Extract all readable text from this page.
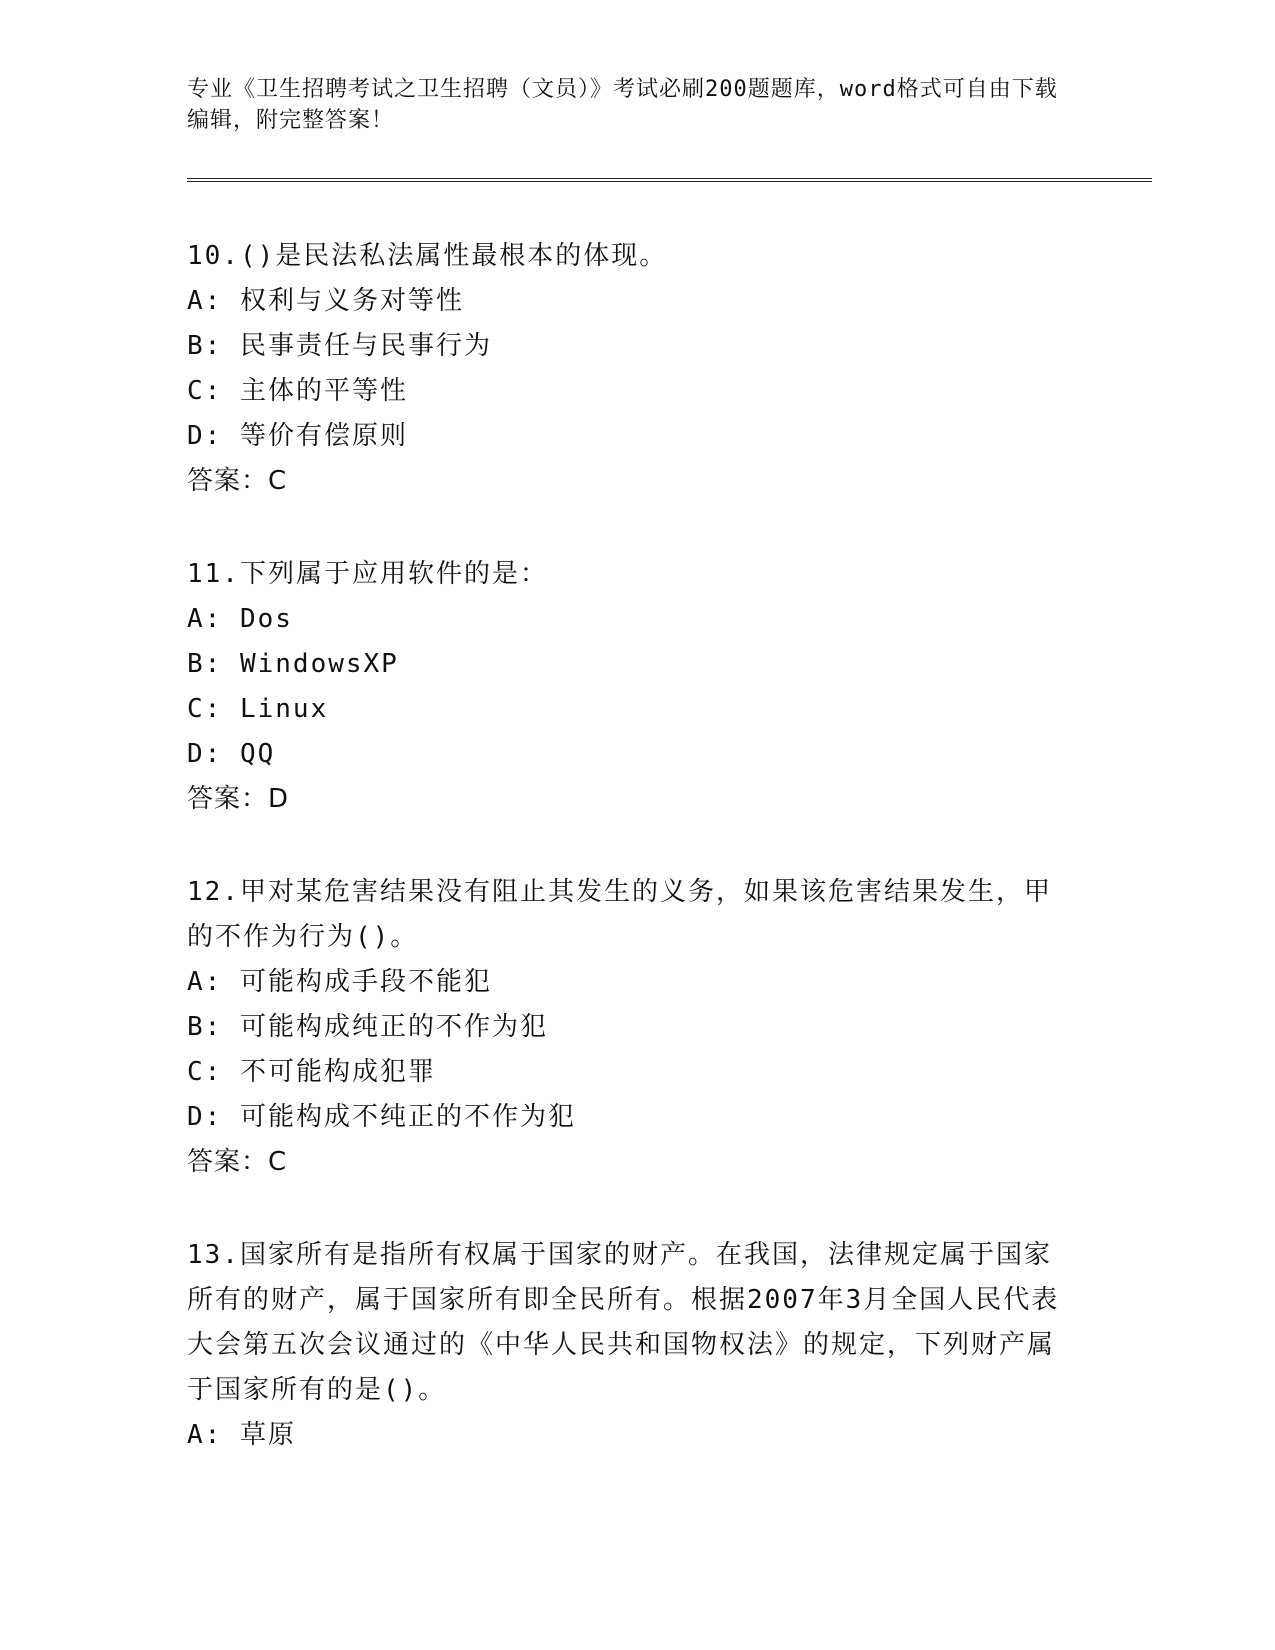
专业《卫生招聘考试之卫生招聘（文员）》考试必刷200题题库，word格式可自由下载编辑，附完整答案！

10.()是民法私法属性最根本的体现。

A: 权利与义务对等性

B: 民事责任与民事行为

C: 主体的平等性

D: 等价有偿原则

答案：C

11.下列属于应用软件的是：

A: Dos

B: WindowsXP

C: Linux

D: QQ

答案：D

12.甲对某危害结果没有阻止其发生的义务，如果该危害结果发生，甲的不作为行为()。

A: 可能构成手段不能犯

B: 可能构成纯正的不作为犯

C: 不可能构成犯罪

D: 可能构成不纯正的不作为犯

答案：C

13.国家所有是指所有权属于国家的财产。在我国，法律规定属于国家所有的财产，属于国家所有即全民所有。根据2007年3月全国人民代表大会第五次会议通过的《中华人民共和国物权法》的规定，下列财产属于国家所有的是()。

A: 草原
